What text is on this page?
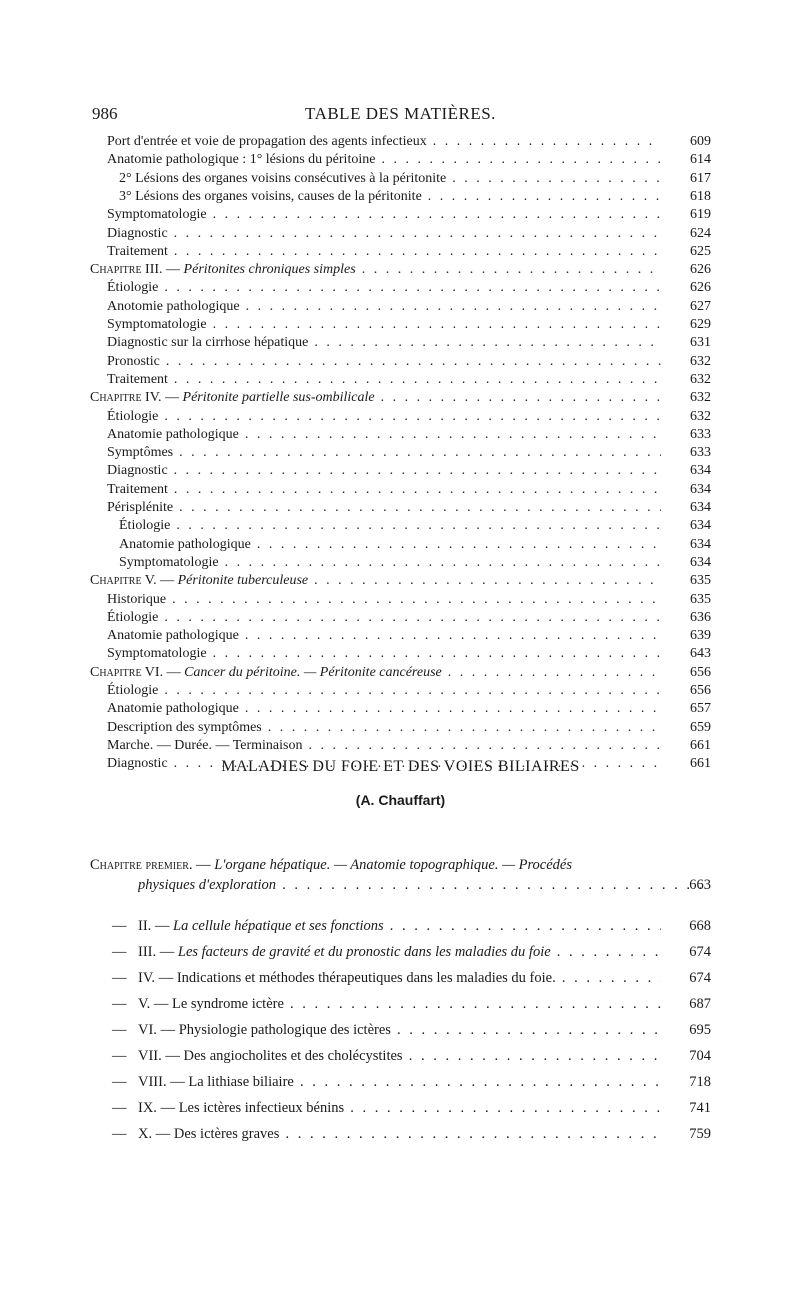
986	TABLE DES MATIÈRES.
Port d'entrée et voie de propagation des agents infectieux . . .	609
Anatomie pathologique : 1° lésions du péritoine . . .	614
2° Lésions des organes voisins consécutives à la péritonite . . .	617
3° Lésions des organes voisins, causes de la péritonite . . .	618
Symptomatologie . . .	619
Diagnostic . . .	624
Traitement . . .	625
Chapitre III. — Péritonites chroniques simples . . .	626
Étiologie . . .	626
Anotomie pathologique . . .	627
Symptomatologie . . .	629
Diagnostic sur la cirrhose hépatique . . .	631
Pronostic . . .	632
Traitement . . .	632
Chapitre IV. — Péritonite partielle sus-ombilicale . . .	632
Étiologie . . .	632
Anatomie pathologique . . .	633
Symptômes . . .	633
Diagnostic . . .	634
Traitement . . .	634
Périsplénite . . .	634
Étiologie . . .	634
Anatomie pathologique . . .	634
Symptomatologie . . .	634
Chapitre V. — Péritonite tuberculeuse . . .	635
Historique . . .	635
Étiologie . . .	636
Anatomie pathologique . . .	639
Symptomatologie . . .	643
Chapitre VI. — Cancer du péritoine. — Péritonite cancéreuse . . .	656
Étiologie . . .	656
Anatomie pathologique . . .	657
Description des symptômes . . .	659
Marche. — Durée. — Terminaison . . .	661
Diagnostic . . .	661
MALADIES DU FOIE ET DES VOIES BILIAIRES
(A. Chauffart)
Chapitre premier. — L'organe hépatique. — Anatomie topographique. — Procédés
physiques d'exploration . . .	663
— II. — La cellule hépatique et ses fonctions . . .	668
— III. — Les facteurs de gravité et du pronostic dans les maladies du foie . . .	674
— IV. — Indications et méthodes thérapeutiques dans les maladies du foie. . . .	674
— V. — Le syndrome ictère . . .	687
— VI. — Physiologie pathologique des ictères . . .	695
— VII. — Des angiocholites et des cholécystites . . .	704
— VIII. — La lithiase biliaire . . .	718
— IX. — Les ictères infectieux bénins . . .	741
— X. — Des ictères graves . . .	759
